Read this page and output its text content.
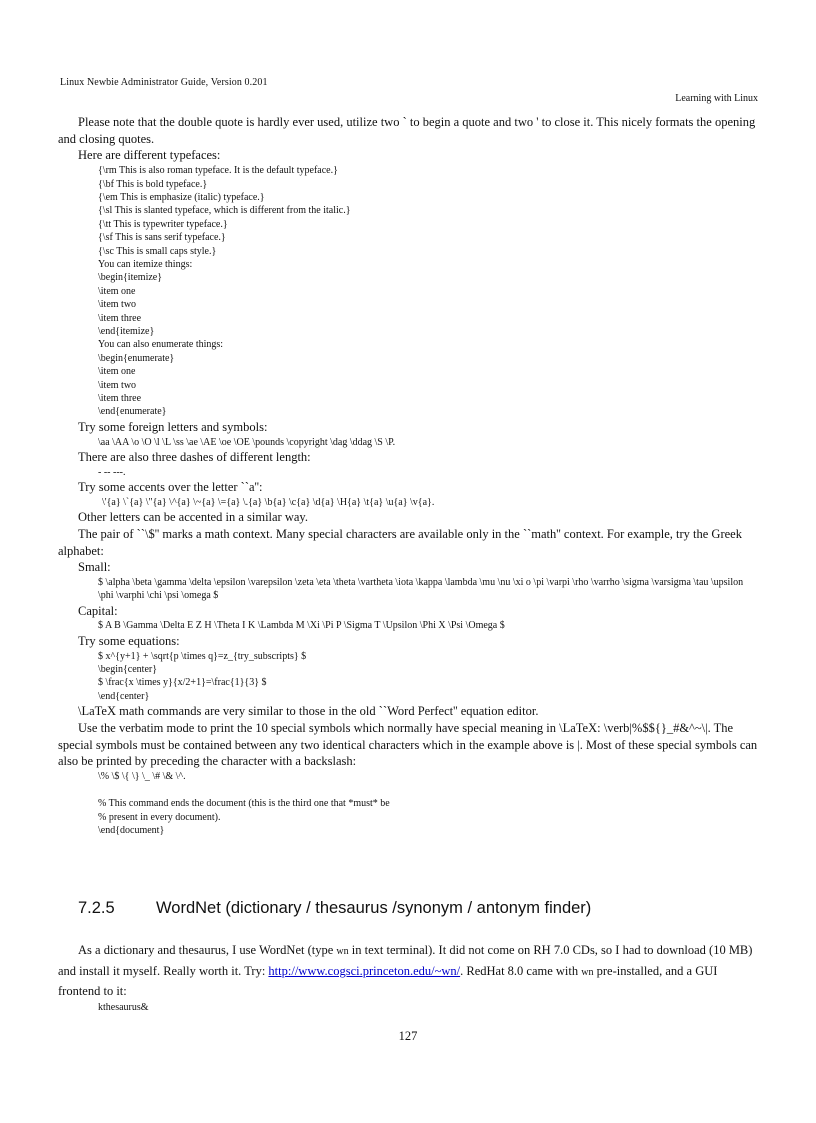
Linux Newbie Administrator Guide, Version 0.201
Learning with Linux

Please note that the double quote is hardly ever used, utilize two ` to begin a quote and two ' to close it. This nicely formats the opening and closing quotes.

Here are different typefaces:

{\rm This is also roman typeface. It is the default typeface.}
{\bf This is bold typeface.}
{\em This is emphasize (italic) typeface.}
{\sl This is slanted typeface, which is different from the italic.}
{\tt This is typewriter typeface.}
{\sf This is sans serif typeface.}
{\sc This is small caps style.}
You can itemize things:
\begin{itemize}
\item one
\item two
\item three
\end{itemize}
You can also enumerate things:
\begin{enumerate}
\item one
\item two
\item three
\end{enumerate}

Try some foreign letters and symbols:

\aa \AA \o \O \l \L \ss \ae \AE \oe \OE \pounds \copyright \dag \ddag \S \P.

There are also three dashes of different length:

- -- ---.

Try some accents over the letter ``a'':

\'{a} \`{a} \"{a} \^{a} \~{a} \={a} \.{a} \b{a} \c{a} \d{a} \H{a} \t{a} \u{a} \v{a}.

Other letters can be accented in a similar way.

The pair of ``\$'' marks a math context. Many special characters are available only in the ``math'' context. For example, try the Greek alphabet:

Small:

$ \alpha \beta \gamma \delta \epsilon \varepsilon \zeta \eta \theta \vartheta \iota \kappa \lambda \mu \nu \xi o \pi \varpi \rho \varrho \sigma \varsigma \tau \upsilon \phi \varphi \chi \psi \omega $

Capital:

$ A B \Gamma \Delta E Z H \Theta I K \Lambda M \Xi \Pi P \Sigma T \Upsilon \Phi X \Psi \Omega $

Try some equations:

$ x^{y+1} + \sqrt{p \times q}=z_{try_subscripts} $
\begin{center}
$ \frac{x \times y}{x/2+1}=\frac{1}{3} $
\end{center}

\LaTeX math commands are very similar to those in the old ``Word Perfect'' equation editor.

Use the verbatim mode to print the 10 special symbols which normally have special meaning in \LaTeX: \verb|%$${}_#&^~\|. The special symbols must be contained between any two identical characters which in the example above is |. Most of these special symbols can also be printed by preceding the character with a backslash:

\% \$ \{ \} \_ \# \& \^.
% This command ends the document (this is the third one that *must* be
% present in every document).
\end{document}
7.2.5	WordNet (dictionary / thesaurus /synonym / antonym finder)

As a dictionary and thesaurus, I use WordNet (type wn in text terminal). It did not come on RH 7.0 CDs, so I had to download (10 MB) and install it myself. Really worth it. Try: http://www.cogsci.princeton.edu/~wn/. RedHat 8.0 came with wn pre-installed, and a GUI frontend to it:

kthesaurus&
127
